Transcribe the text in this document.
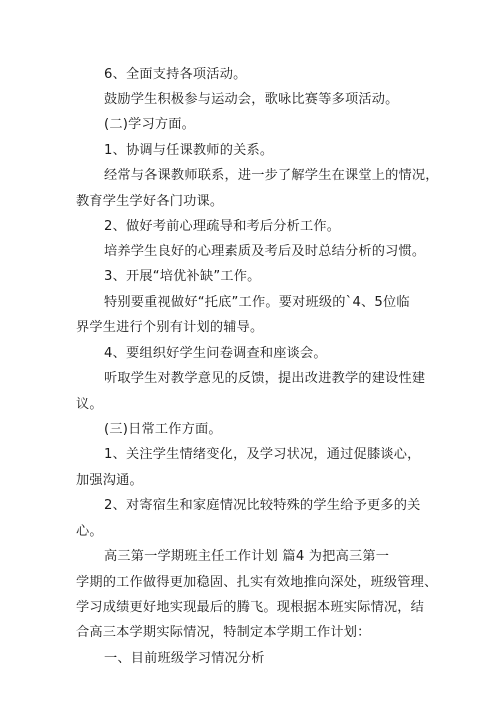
6、全面支持各项活动。
鼓励学生积极参与运动会，歌咏比赛等多项活动。
(二)学习方面。
1、协调与任课教师的关系。
经常与各课教师联系，进一步了解学生在课堂上的情况，
教育学生学好各门功课。
2、做好考前心理疏导和考后分析工作。
培养学生良好的心理素质及考后及时总结分析的习惯。
3、开展“培优补缺”工作。
特别要重视做好“托底”工作。要对班级的`4、5位临
界学生进行个别有计划的辅导。
4、要组织好学生问卷调查和座谈会。
听取学生对教学意见的反馈，提出改进教学的建设性建
议。
(三)日常工作方面。
1、关注学生情绪变化，及学习状况，通过促膝谈心，
加强沟通。
2、对寄宿生和家庭情况比较特殊的学生给予更多的关
心。
高三第一学期班主任工作计划 篇4 为把高三第一
学期的工作做得更加稳固、扎实有效地推向深处，班级管理、
学习成绩更好地实现最后的腾飞。现根据本班实际情况，结
合高三本学期实际情况，特制定本学期工作计划：
一、目前班级学习情况分析
